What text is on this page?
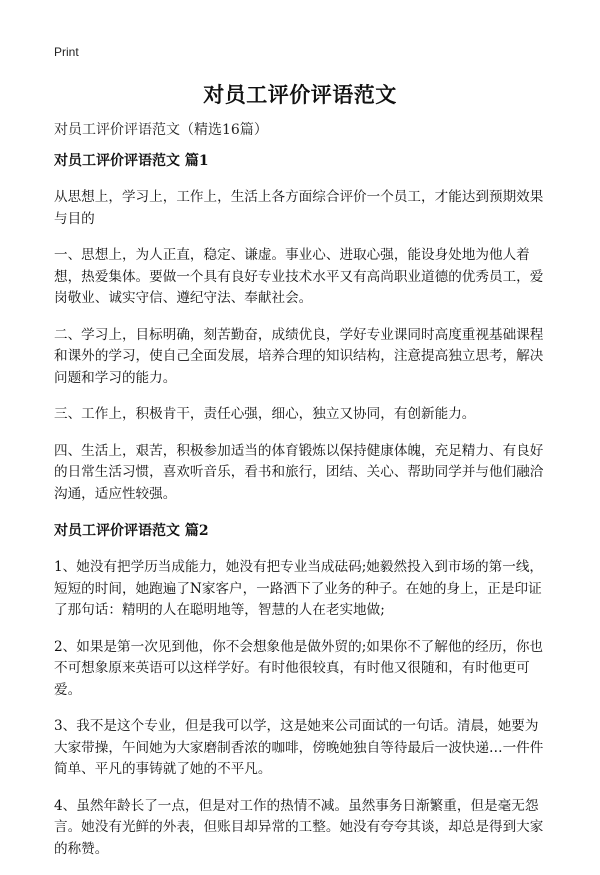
Print
对员工评价评语范文
对员工评价评语范文（精选16篇）
对员工评价评语范文 篇1

从思想上，学习上，工作上，生活上各方面综合评价一个员工，才能达到预期效果与目的

一、思想上，为人正直，稳定、谦虚。事业心、进取心强，能设身处地为他人着想，热爱集体。要做一个具有良好专业技术水平又有高尚职业道德的优秀员工，爱岗敬业、诚实守信、遵纪守法、奉献社会。

二、学习上，目标明确，刻苦勤奋，成绩优良，学好专业课同时高度重视基础课程和课外的学习，使自己全面发展，培养合理的知识结构，注意提高独立思考，解决问题和学习的能力。

三、工作上，积极肯干，责任心强，细心，独立又协同，有创新能力。

四、生活上，艰苦，积极参加适当的体育锻炼以保持健康体魄，充足精力、有良好的日常生活习惯，喜欢听音乐，看书和旅行，团结、关心、帮助同学并与他们融洽沟通，适应性较强。

对员工评价评语范文 篇2

1、她没有把学历当成能力，她没有把专业当成砝码;她毅然投入到市场的第一线，短短的时间，她跑遍了N家客户，一路洒下了业务的种子。在她的身上，正是印证了那句话：精明的人在聪明地等，智慧的人在老实地做;

2、如果是第一次见到他，你不会想象他是做外贸的;如果你不了解他的经历，你也不可想象原来英语可以这样学好。有时他很较真，有时他又很随和，有时他更可爱。

3、我不是这个专业，但是我可以学，这是她来公司面试的一句话。清晨，她要为大家带操，午间她为大家磨制香浓的咖啡，傍晚她独自等待最后一波快递…一件件简单、平凡的事铸就了她的不平凡。

4、虽然年龄长了一点，但是对工作的热情不减。虽然事务日渐繁重，但是毫无怨言。她没有光鲜的外表，但账目却异常的工整。她没有夸夸其谈，却总是得到大家的称赞。
